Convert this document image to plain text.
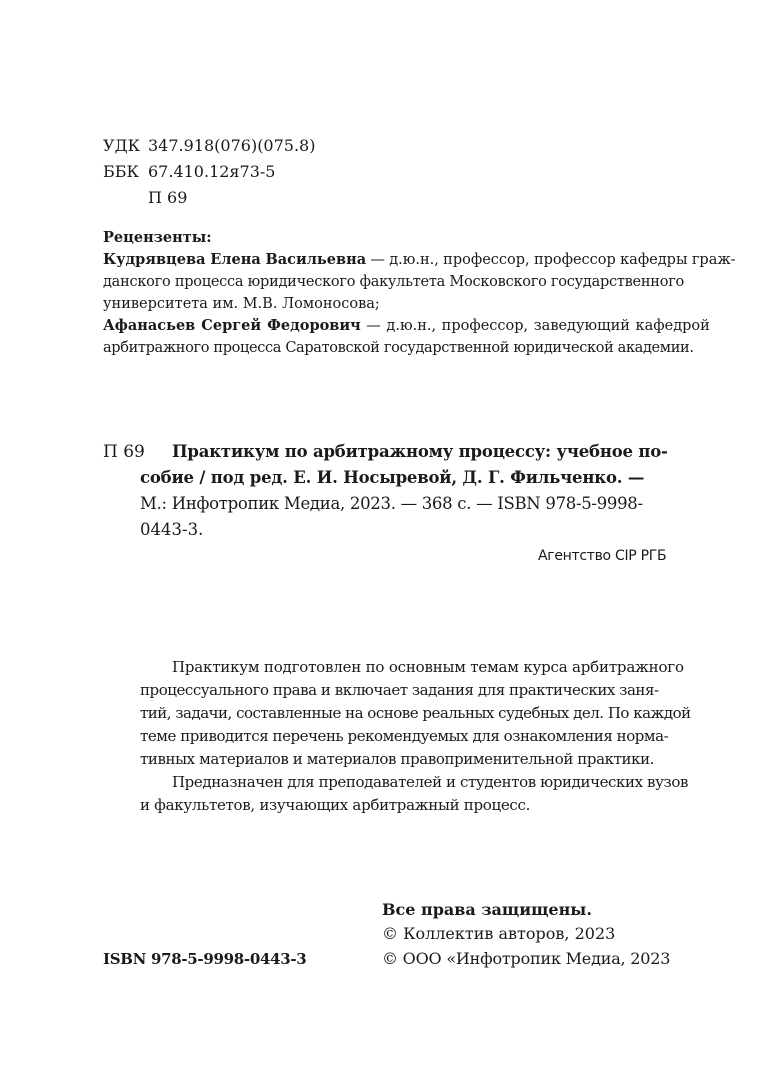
УДК 347.918(076)(075.8)
ББК 67.410.12я73-5
П 69
Рецензенты:
Кудрявцева Елена Васильевна — д.ю.н., профессор, профессор кафедры граж-
данского процесса юридического факультета Московского государственного
университета им. М.В. Ломоносова;
Афанасьев Сергей Федорович — д.ю.н., профессор, заведующий кафедрой
арбитражного процесса Саратовской государственной юридической академии.
П 69 Практикум по арбитражному процессу: учебное по-
собие / под ред. Е. И. Носыревой, Д. Г. Фильченко. —
М.: Инфотропик Медиа, 2023. — 368 с. — ISBN 978-5-9998-
0443-3.
Агентство CIP РГБ
Практикум подготовлен по основным темам курса арбитражного
процессуального права и включает задания для практических заня-
тий, задачи, составленные на основе реальных судебных дел. По каждой
теме приводится перечень рекомендуемых для ознакомления норма-
тивных материалов и материалов правоприменительной практики.
Предназначен для преподавателей и студентов юридических вузов
и факультетов, изучающих арбитражный процесс.
Все права защищены.
© Коллектив авторов, 2023
ISBN 978-5-9998-0443-3	© ООО «Инфотропик Медиа, 2023
